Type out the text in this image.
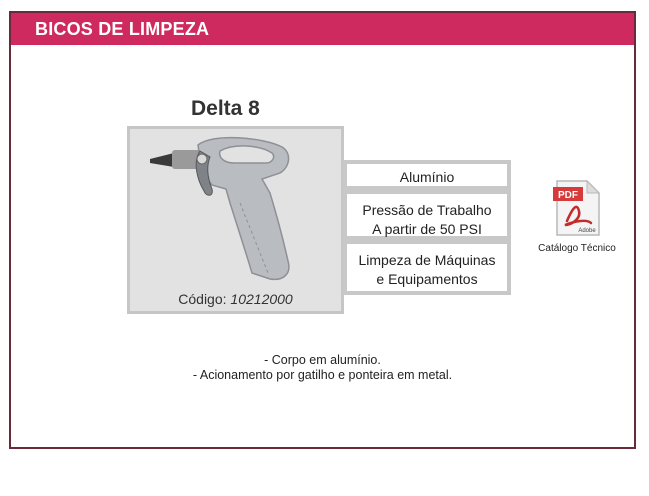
BICOS DE LIMPEZA
Delta 8
Código: 10212000
Alumínio
Pressão de Trabalho
A partir de 50 PSI
Limpeza de Máquinas
e Equipamentos
PDF
Adobe
Catálogo Técnico
- Corpo em alumínio.
- Acionamento por gatilho e ponteira em metal.
